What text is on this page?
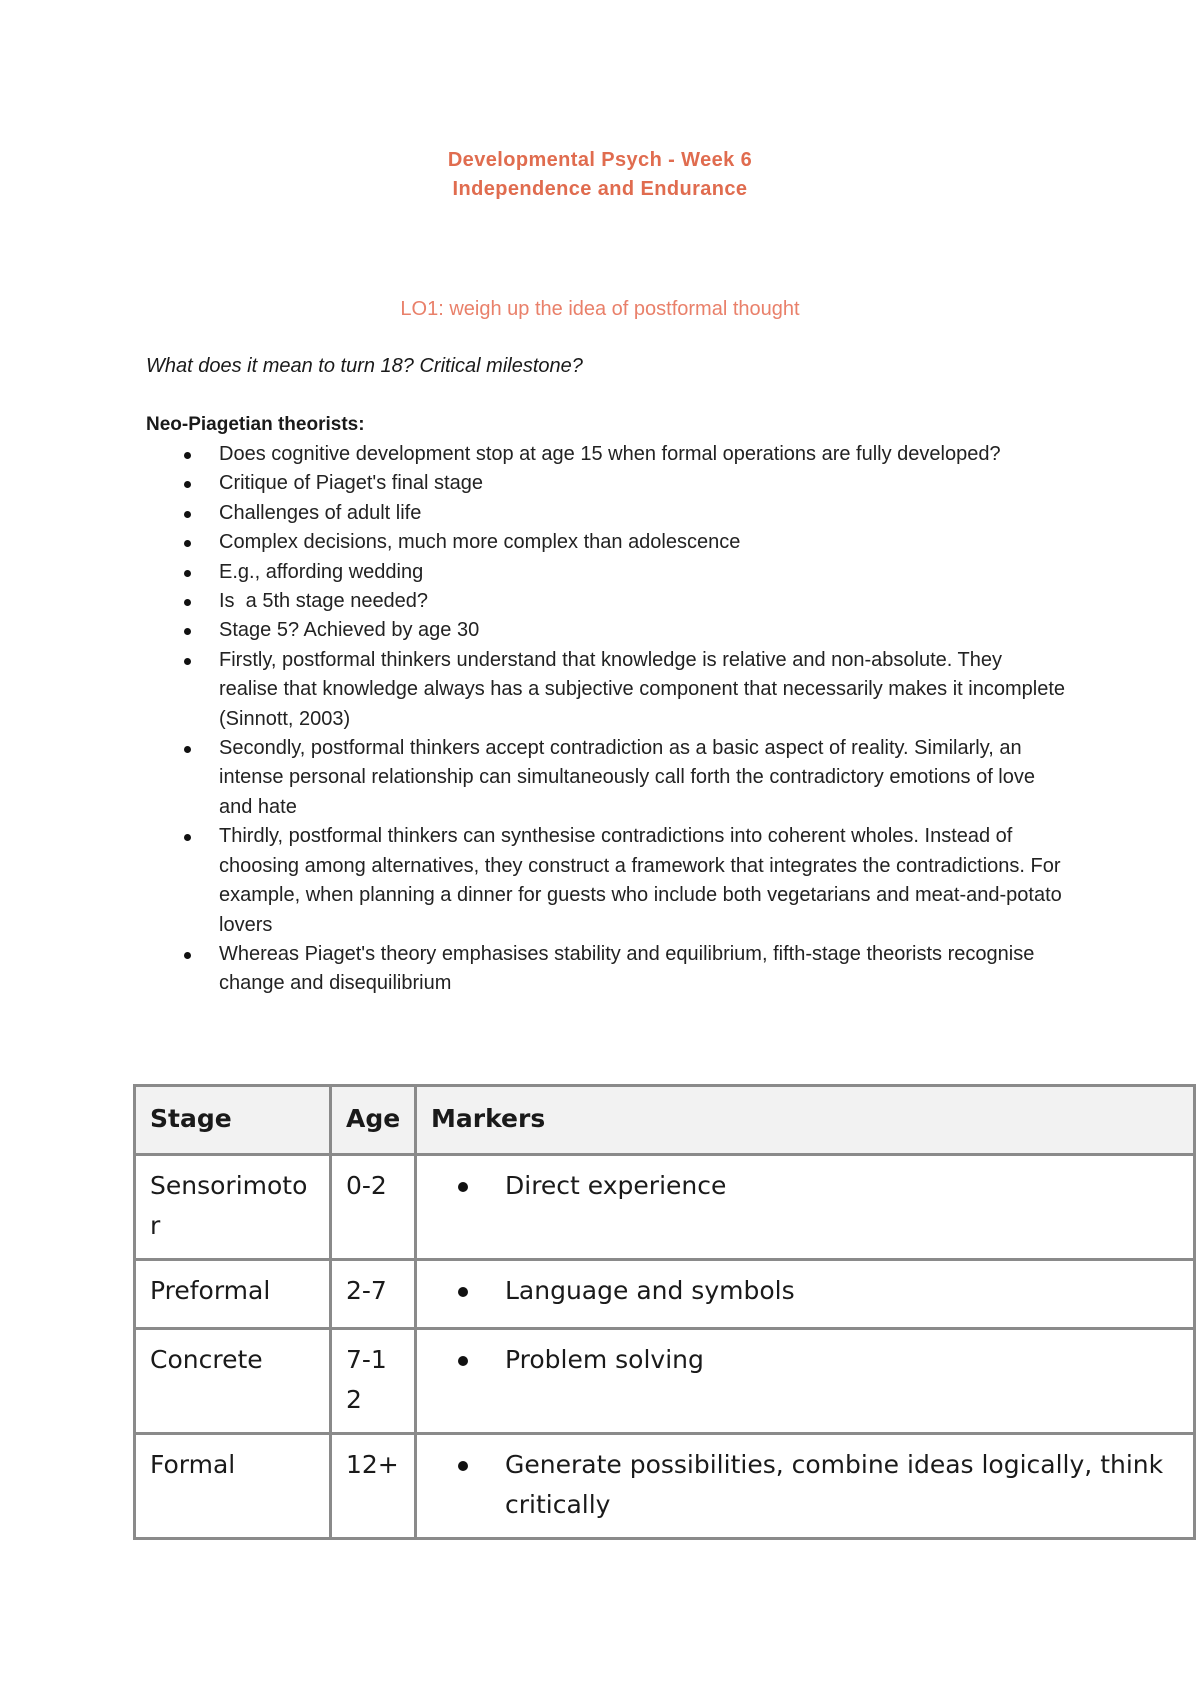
Developmental Psych - Week 6
Independence and Endurance
LO1: weigh up the idea of postformal thought
What does it mean to turn 18? Critical milestone?
Neo-Piagetian theorists:
Does cognitive development stop at age 15 when formal operations are fully developed?
Critique of Piaget's final stage
Challenges of adult life
Complex decisions, much more complex than adolescence
E.g., affording wedding
Is  a 5th stage needed?
Stage 5? Achieved by age 30
Firstly, postformal thinkers understand that knowledge is relative and non-absolute. They realise that knowledge always has a subjective component that necessarily makes it incomplete (Sinnott, 2003)
Secondly, postformal thinkers accept contradiction as a basic aspect of reality. Similarly, an intense personal relationship can simultaneously call forth the contradictory emotions of love and hate
Thirdly, postformal thinkers can synthesise contradictions into coherent wholes. Instead of choosing among alternatives, they construct a framework that integrates the contradictions. For example, when planning a dinner for guests who include both vegetarians and meat-and-potato lovers
Whereas Piaget's theory emphasises stability and equilibrium, fifth-stage theorists recognise change and disequilibrium
Stage	Age	Markers
Sensorimotor	0-2	Direct experience

Preformal	2-7	Language and symbols

Concrete	7-12	Problem solving

Formal	12+	Generate possibilities, combine ideas logically, think critically
